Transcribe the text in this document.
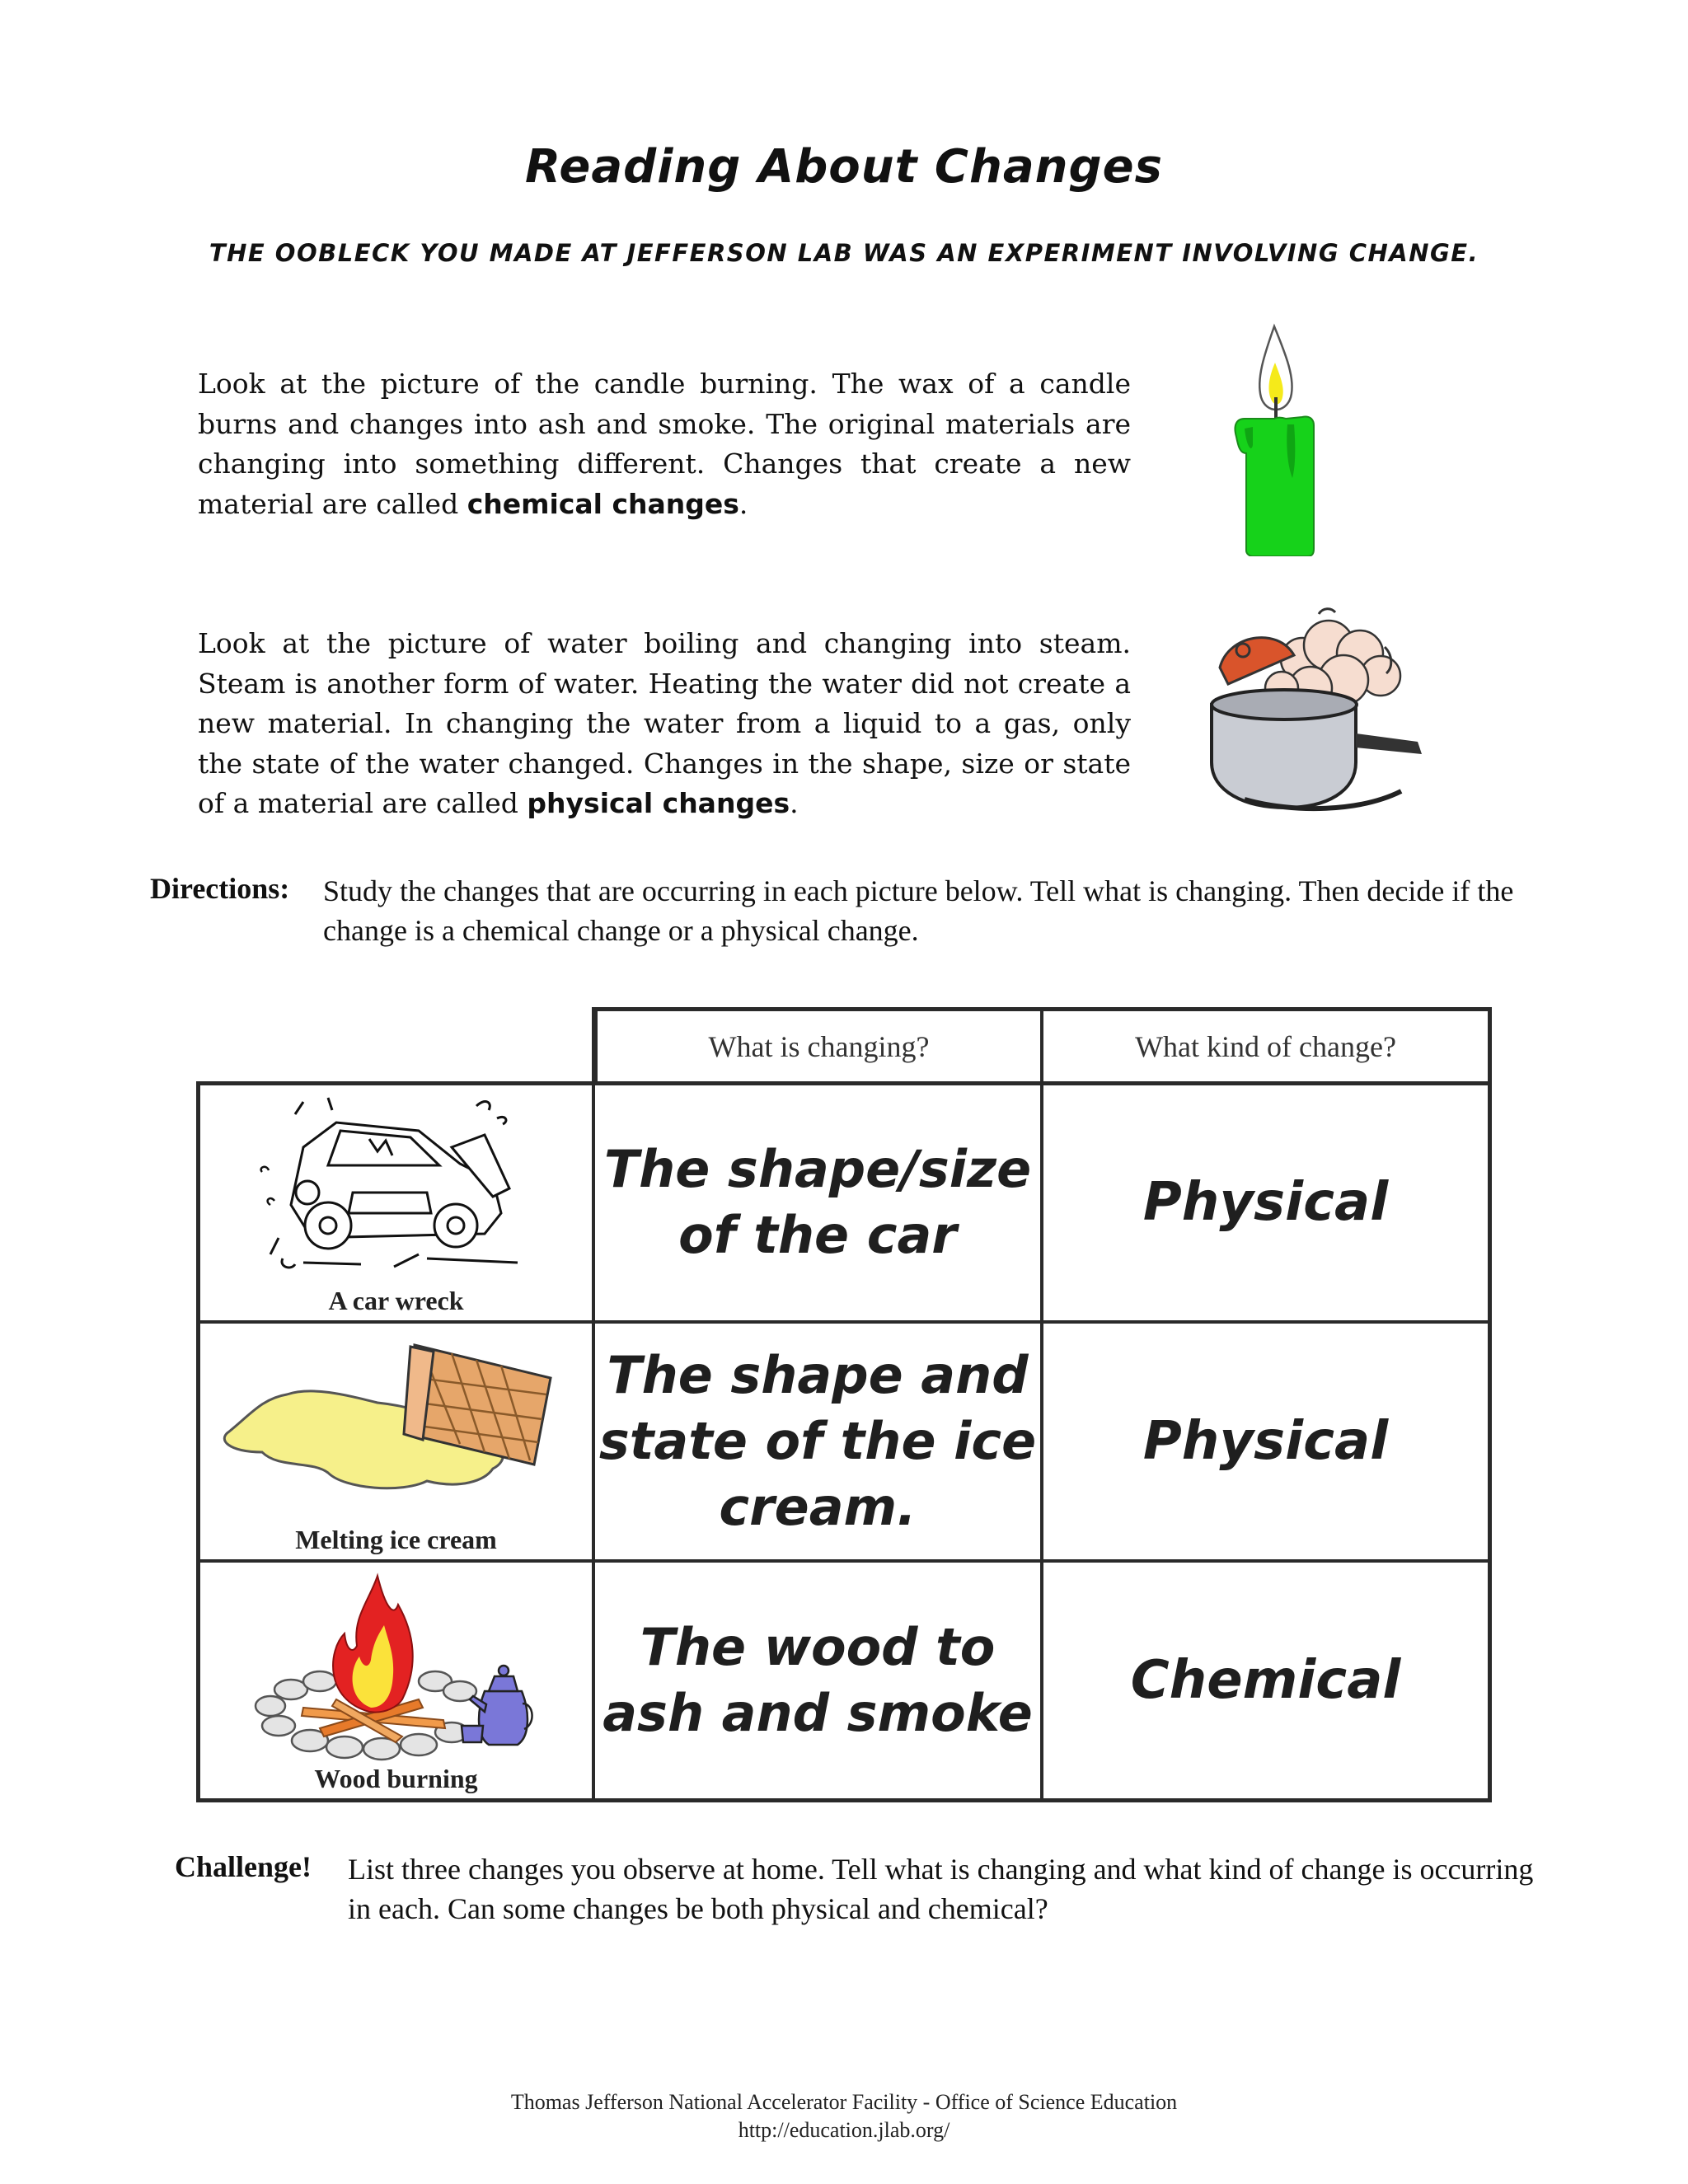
Reading About Changes
THE OOBLECK YOU MADE AT JEFFERSON LAB WAS AN EXPERIMENT INVOLVING CHANGE.
Look at the picture of the candle burning. The wax of a candle burns and changes into ash and smoke. The original materials are changing into something different. Changes that create a new material are called chemical changes.
Look at the picture of water boiling and changing into steam. Steam is another form of water. Heating the water did not create a new material. In changing the water from a liquid to a gas, only the state of the water changed. Changes in the shape, size or state of a material are called physical changes.
Directions: Study the changes that are occurring in each picture below. Tell what is changing. Then decide if the change is a chemical change or a physical change.
What is changing?	What kind of change?
A car wreck
The shape/size of the car
Physical
Melting ice cream
The shape and state of the ice cream.
Physical
Wood burning
The wood to ash and smoke
Chemical
Challenge! List three changes you observe at home. Tell what is changing and what kind of change is occurring in each. Can some changes be both physical and chemical?
Thomas Jefferson National Accelerator Facility - Office of Science Education
http://education.jlab.org/
